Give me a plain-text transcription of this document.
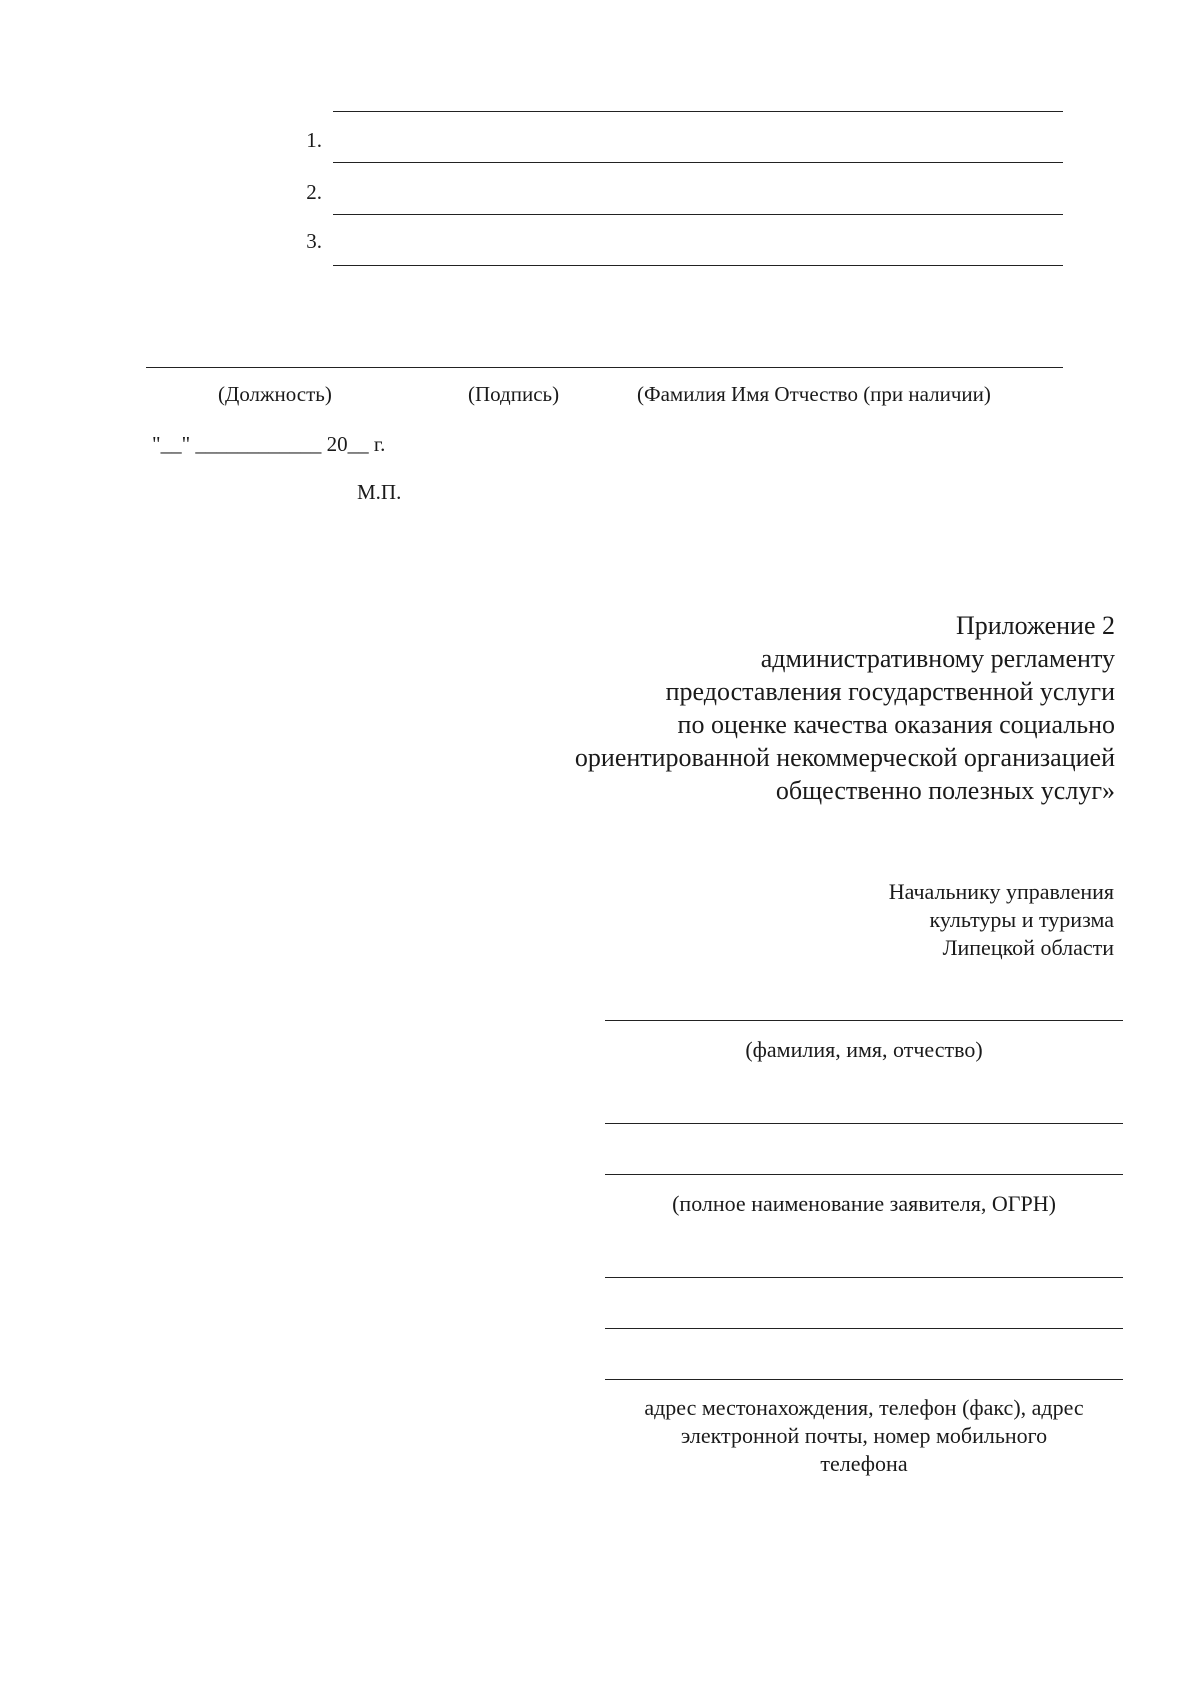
1.
2.
3.
(Должность)	(Подпись)	(Фамилия Имя Отчество (при наличии)
"__" ____________ 20__ г.
М.П.
Приложение 2
административному регламенту
предоставления государственной услуги
по оценке качества оказания социально
ориентированной некоммерческой организацией
общественно полезных услуг»
Начальнику управления
культуры и туризма
Липецкой области
(фамилия, имя, отчество)
(полное наименование заявителя, ОГРН)
адрес местонахождения, телефон (факс), адрес
электронной почты, номер мобильного
телефона
